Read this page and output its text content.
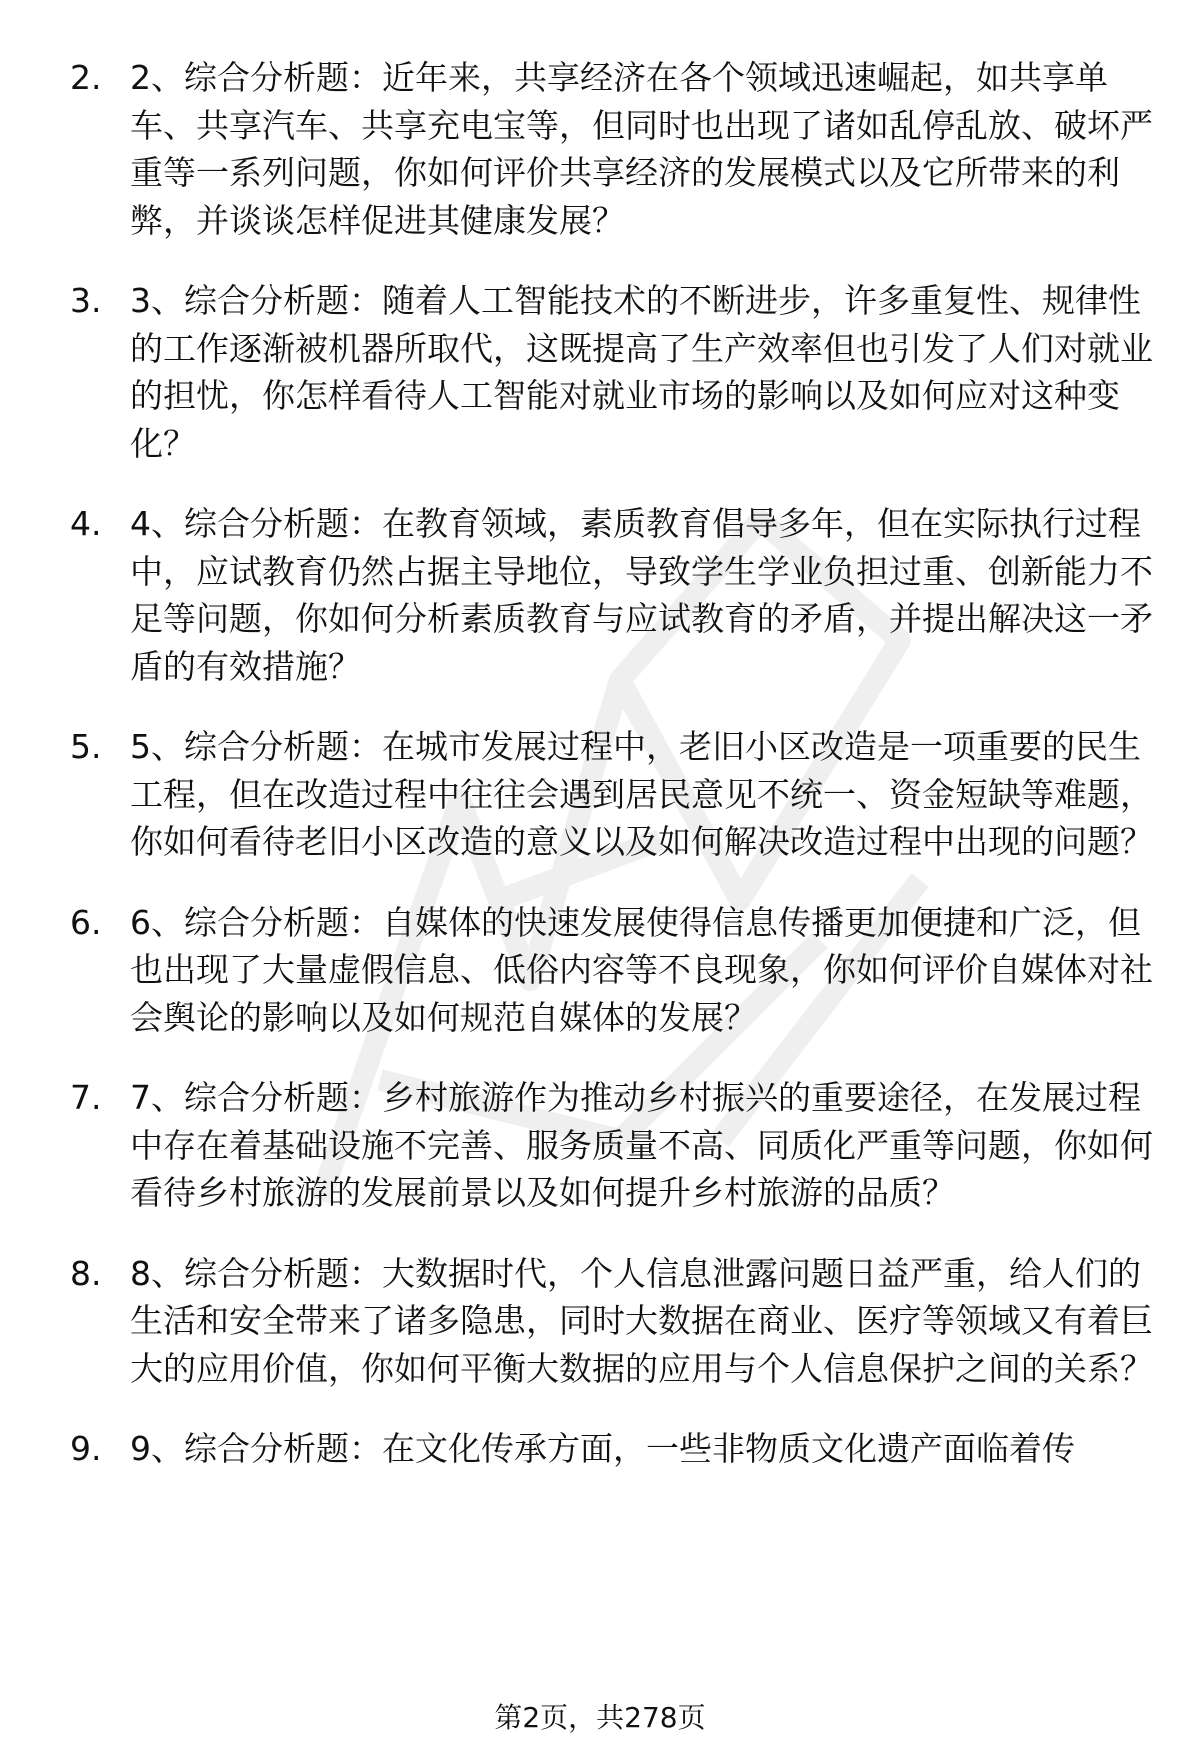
2. 2、综合分析题：近年来，共享经济在各个领域迅速崛起，如共享单车、共享汽车、共享充电宝等，但同时也出现了诸如乱停乱放、破坏严重等一系列问题，你如何评价共享经济的发展模式以及它所带来的利弊，并谈谈怎样促进其健康发展？
3. 3、综合分析题：随着人工智能技术的不断进步，许多重复性、规律性的工作逐渐被机器所取代，这既提高了生产效率但也引发了人们对就业的担忧，你怎样看待人工智能对就业市场的影响以及如何应对这种变化？
4. 4、综合分析题：在教育领域，素质教育倡导多年，但在实际执行过程中，应试教育仍然占据主导地位，导致学生学业负担过重、创新能力不足等问题，你如何分析素质教育与应试教育的矛盾，并提出解决这一矛盾的有效措施？
5. 5、综合分析题：在城市发展过程中，老旧小区改造是一项重要的民生工程，但在改造过程中往往会遇到居民意见不统一、资金短缺等难题，你如何看待老旧小区改造的意义以及如何解决改造过程中出现的问题？
6. 6、综合分析题：自媒体的快速发展使得信息传播更加便捷和广泛，但也出现了大量虚假信息、低俗内容等不良现象，你如何评价自媒体对社会舆论的影响以及如何规范自媒体的发展？
7. 7、综合分析题：乡村旅游作为推动乡村振兴的重要途径，在发展过程中存在着基础设施不完善、服务质量不高、同质化严重等问题，你如何看待乡村旅游的发展前景以及如何提升乡村旅游的品质？
8. 8、综合分析题：大数据时代，个人信息泄露问题日益严重，给人们的生活和安全带来了诸多隐患，同时大数据在商业、医疗等领域又有着巨大的应用价值，你如何平衡大数据的应用与个人信息保护之间的关系？
9. 9、综合分析题：在文化传承方面，一些非物质文化遗产面临着传
第2页，共278页
